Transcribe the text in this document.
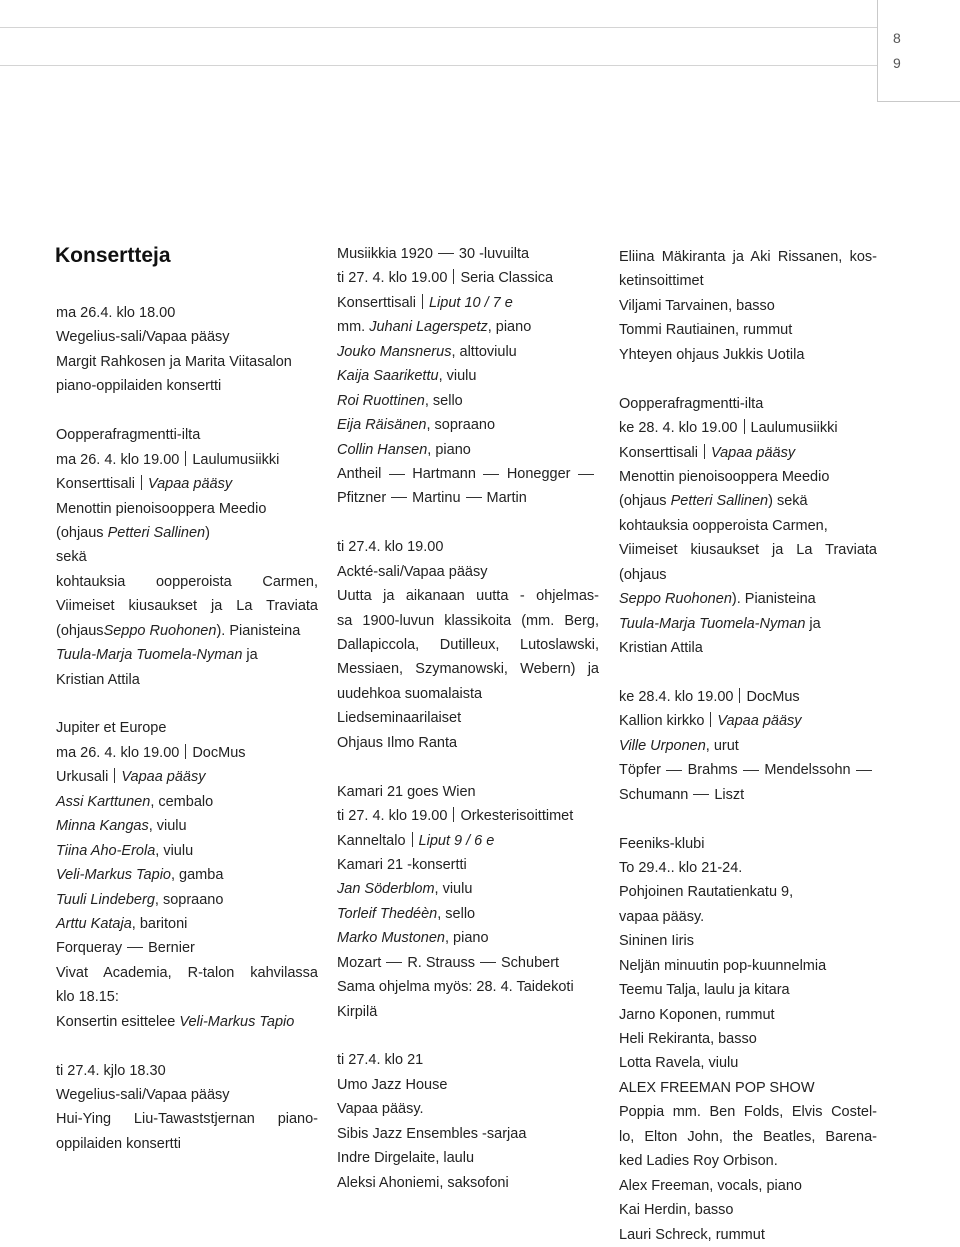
8
9
Konsertteja
ma 26.4. klo 18.00
Wegelius-sali/Vapaa pääsy
Margit Rahkosen ja Marita Viitasalon
piano-oppilaiden konsertti
Oopperafragmentti-ilta
ma 26. 4. klo 19.00 Laulumusiikki
Konserttisali Vapaa pääsy
Menottin pienoisooppera Meedio
(ohjaus Petteri Sallinen)
sekä
kohtauksia oopperoista Carmen,
Viimeiset kiusaukset ja La Traviata
(ohjausSeppo Ruohonen). Pianisteina
Tuula-Marja Tuomela-Nyman ja
Kristian Attila
Jupiter et Europe
ma 26. 4. klo 19.00 DocMus
Urkusali Vapaa pääsy
Assi Karttunen, cembalo
Minna Kangas, viulu
Tiina Aho-Erola, viulu
Veli-Markus Tapio, gamba
Tuuli Lindeberg, sopraano
Arttu Kataja, baritoni
Forqueray Bernier
Vivat Academia, R-talon kahvilassa
klo 18.15:
Konsertin esittelee Veli-Markus Tapio
ti 27.4. kjlo 18.30
Wegelius-sali/Vapaa pääsy
Hui-Ying Liu-Tawaststjernan piano-
oppilaiden konsertti
Musiikkia 1920 30 -luvuilta
ti 27. 4. klo 19.00 Seria Classica
Konserttisali Liput 10 / 7 e
mm. Juhani Lagerspetz, piano
Jouko Mansnerus, alttoviulu
Kaija Saarikettu, viulu
Roi Ruottinen, sello
Eija Räisänen, sopraano
Collin Hansen, piano
Antheil Hartmann Honegger
Pfitzner Martinu Martin
ti 27.4. klo 19.00
Ackté-sali/Vapaa pääsy
Uutta ja aikanaan uutta - ohjelmas-
sa 1900-luvun klassikoita (mm. Berg,
Dallapiccola, Dutilleux, Lutoslawski,
Messiaen, Szymanowski, Webern) ja
uudehkoa suomalaista
Liedseminaarilaiset
Ohjaus Ilmo Ranta
Kamari 21 goes Wien
ti 27. 4. klo 19.00 Orkesterisoittimet
Kanneltalo Liput 9 / 6 e
Kamari 21 -konsertti
Jan Söderblom, viulu
Torleif Thedéèn, sello
Marko Mustonen, piano
Mozart R. Strauss Schubert
Sama ohjelma myös: 28. 4. Taidekoti
Kirpilä
ti 27.4. klo 21
Umo Jazz House
Vapaa pääsy.
Sibis Jazz Ensembles -sarjaa
Indre Dirgelaite, laulu
Aleksi Ahoniemi, saksofoni
Eliina Mäkiranta ja Aki Rissanen, kos-
ketinsoittimet
Viljami Tarvainen, basso
Tommi Rautiainen, rummut
Yhteyen ohjaus Jukkis Uotila
Oopperafragmentti-ilta
ke 28. 4. klo 19.00 Laulumusiikki
Konserttisali Vapaa pääsy
Menottin pienoisooppera Meedio
(ohjaus Petteri Sallinen) sekä
kohtauksia oopperoista Carmen,
Viimeiset kiusaukset ja La Traviata
(ohjaus
Seppo Ruohonen). Pianisteina
Tuula-Marja Tuomela-Nyman ja
Kristian Attila
ke 28.4. klo 19.00 DocMus
Kallion kirkko Vapaa pääsy
Ville Urponen, urut
Töpfer Brahms Mendelssohn
Schumann Liszt
Feeniks-klubi
To 29.4.. klo 21-24.
Pohjoinen Rautatienkatu 9,
vapaa pääsy.
Sininen Iiris
Neljän minuutin pop-kuunnelmia
Teemu Talja, laulu ja kitara
Jarno Koponen, rummut
Heli Rekiranta, basso
Lotta Ravela, viulu
ALEX FREEMAN POP SHOW
Poppia mm. Ben Folds, Elvis Costel-
lo, Elton John, the Beatles, Barena-
ked Ladies Roy Orbison.
Alex Freeman, vocals, piano
Kai Herdin, basso
Lauri Schreck, rummut
